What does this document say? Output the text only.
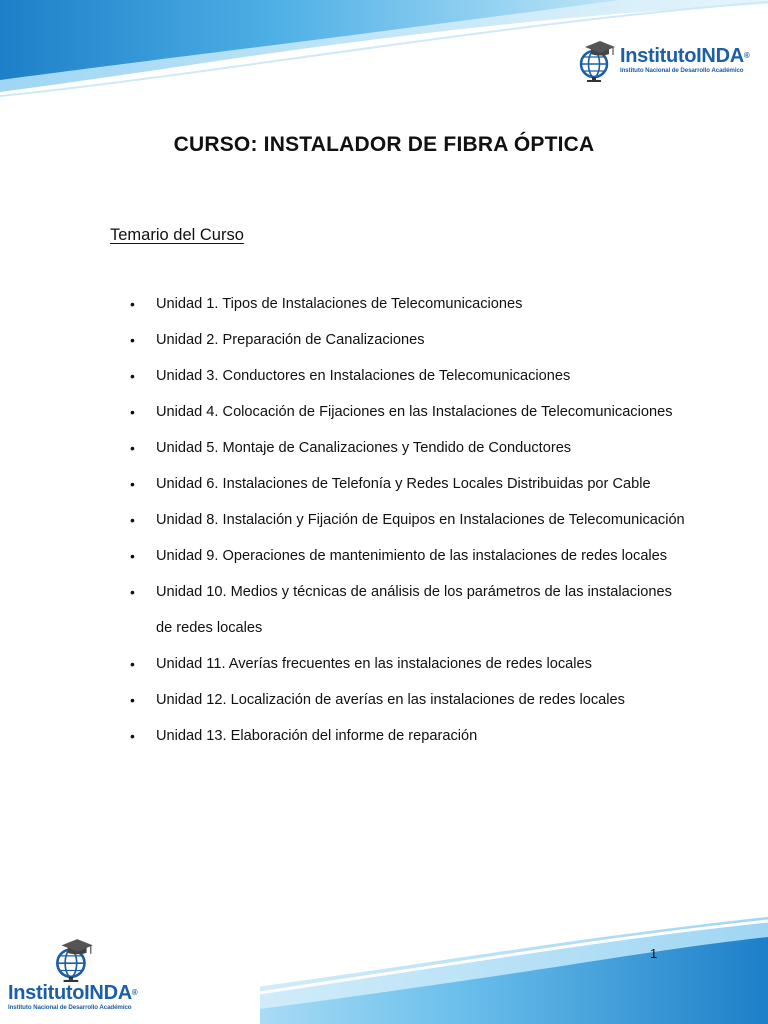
InstitutoINDA®
Instituto Nacional de Desarrollo Académico
CURSO: INSTALADOR DE FIBRA ÓPTICA
Temario del Curso
• Unidad 1. Tipos de Instalaciones de Telecomunicaciones
• Unidad 2. Preparación de Canalizaciones
• Unidad 3. Conductores en Instalaciones de Telecomunicaciones
• Unidad 4. Colocación de Fijaciones en las Instalaciones de Telecomunicaciones
• Unidad 5. Montaje de Canalizaciones y Tendido de Conductores
• Unidad 6. Instalaciones de Telefonía y Redes Locales Distribuidas por Cable
• Unidad 8. Instalación y Fijación de Equipos en Instalaciones de Telecomunicación
• Unidad 9. Operaciones de mantenimiento de las instalaciones de redes locales
• Unidad 10. Medios y técnicas de análisis de los parámetros de las instalaciones de redes locales
• Unidad 11. Averías frecuentes en las instalaciones de redes locales
• Unidad 12. Localización de averías en las instalaciones de redes locales
• Unidad 13. Elaboración del informe de reparación
InstitutoINDA®
Instituto Nacional de Desarrollo Académico
1
